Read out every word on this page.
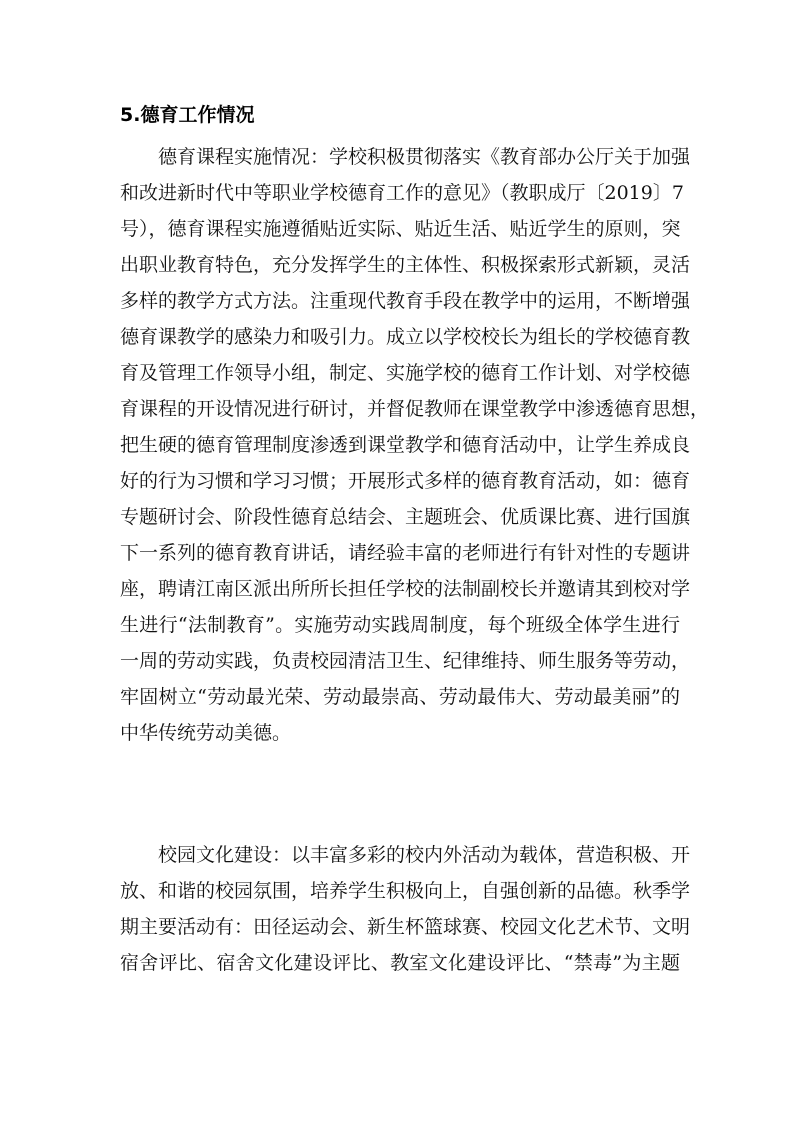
5.德育工作情况
德育课程实施情况：学校积极贯彻落实《教育部办公厅关于加强
和改进新时代中等职业学校德育工作的意见》（教职成厅〔2019〕7
号），德育课程实施遵循贴近实际、贴近生活、贴近学生的原则，突
出职业教育特色，充分发挥学生的主体性、积极探索形式新颖，灵活
多样的教学方式方法。注重现代教育手段在教学中的运用，不断增强
德育课教学的感染力和吸引力。成立以学校校长为组长的学校德育教
育及管理工作领导小组，制定、实施学校的德育工作计划、对学校德
育课程的开设情况进行研讨，并督促教师在课堂教学中渗透德育思想，
把生硬的德育管理制度渗透到课堂教学和德育活动中，让学生养成良
好的行为习惯和学习习惯；开展形式多样的德育教育活动，如：德育
专题研讨会、阶段性德育总结会、主题班会、优质课比赛、进行国旗
下一系列的德育教育讲话，请经验丰富的老师进行有针对性的专题讲
座，聘请江南区派出所所长担任学校的法制副校长并邀请其到校对学
生进行“法制教育”。实施劳动实践周制度，每个班级全体学生进行
一周的劳动实践，负责校园清洁卫生、纪律维持、师生服务等劳动，
牢固树立“劳动最光荣、劳动最崇高、劳动最伟大、劳动最美丽”的
中华传统劳动美德。
校园文化建设：以丰富多彩的校内外活动为载体，营造积极、开
放、和谐的校园氛围，培养学生积极向上，自强创新的品德。秋季学
期主要活动有：田径运动会、新生杯篮球赛、校园文化艺术节、文明
宿舍评比、宿舍文化建设评比、教室文化建设评比、“禁毒”为主题
